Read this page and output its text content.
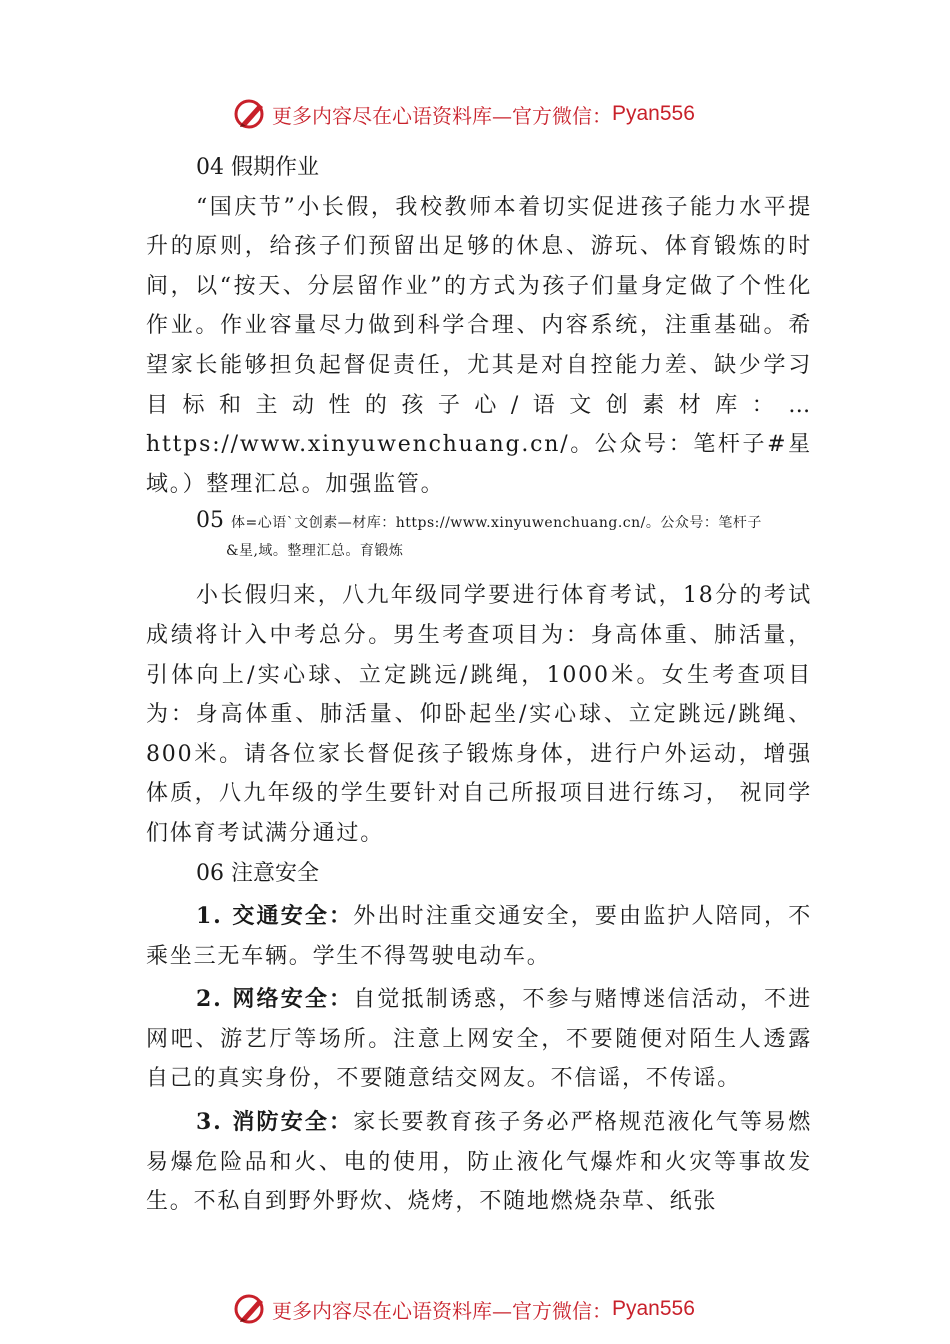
更多内容尽在心语资料库—官方微信： Pyan556

04 假期作业

“国庆节”小长假，我校教师本着切实促进孩子能力水平提升的原则，给孩子们预留出足够的休息、游玩、体育锻炼的时间，以“按天、分层留作业”的方式为孩子们量身定做了个性化作业。作业容量尽力做到科学合理、内容系统，注重基础。希望家长能够担负起督促责任，尤其是对自控能力差、缺少学习目标和主动性的孩子心/语文创素材库：…https://www.xinyuwenchuang.cn/。公众号：笔杆子#星域。）整理汇总。加强监管。

05 体=心语`文创素—材库：https://www.xinyuwenchuang.cn/。公众号：笔杆子
&星,域。整理汇总。育锻炼

小长假归来，八九年级同学要进行体育考试，18分的考试成绩将计入中考总分。男生考查项目为：身高体重、肺活量，引体向上/实心球、立定跳远/跳绳，1000米。女生考查项目为：身高体重、肺活量、仰卧起坐/实心球、立定跳远/跳绳、800米。请各位家长督促孩子锻炼身体，进行户外运动，增强体质，八九年级的学生要针对自己所报项目进行练习， 祝同学们体育考试满分通过。

06 注意安全

1. 交通安全：外出时注重交通安全，要由监护人陪同，不乘坐三无车辆。学生不得驾驶电动车。

2. 网络安全：自觉抵制诱惑，不参与赌博迷信活动，不进网吧、游艺厅等场所。注意上网安全，不要随便对陌生人透露自己的真实身份，不要随意结交网友。不信谣，不传谣。

3. 消防安全：家长要教育孩子务必严格规范液化气等易燃易爆危险品和火、电的使用，防止液化气爆炸和火灾等事故发生。不私自到野外野炊、烧烤，不随地燃烧杂草、纸张

更多内容尽在心语资料库—官方微信： Pyan556
